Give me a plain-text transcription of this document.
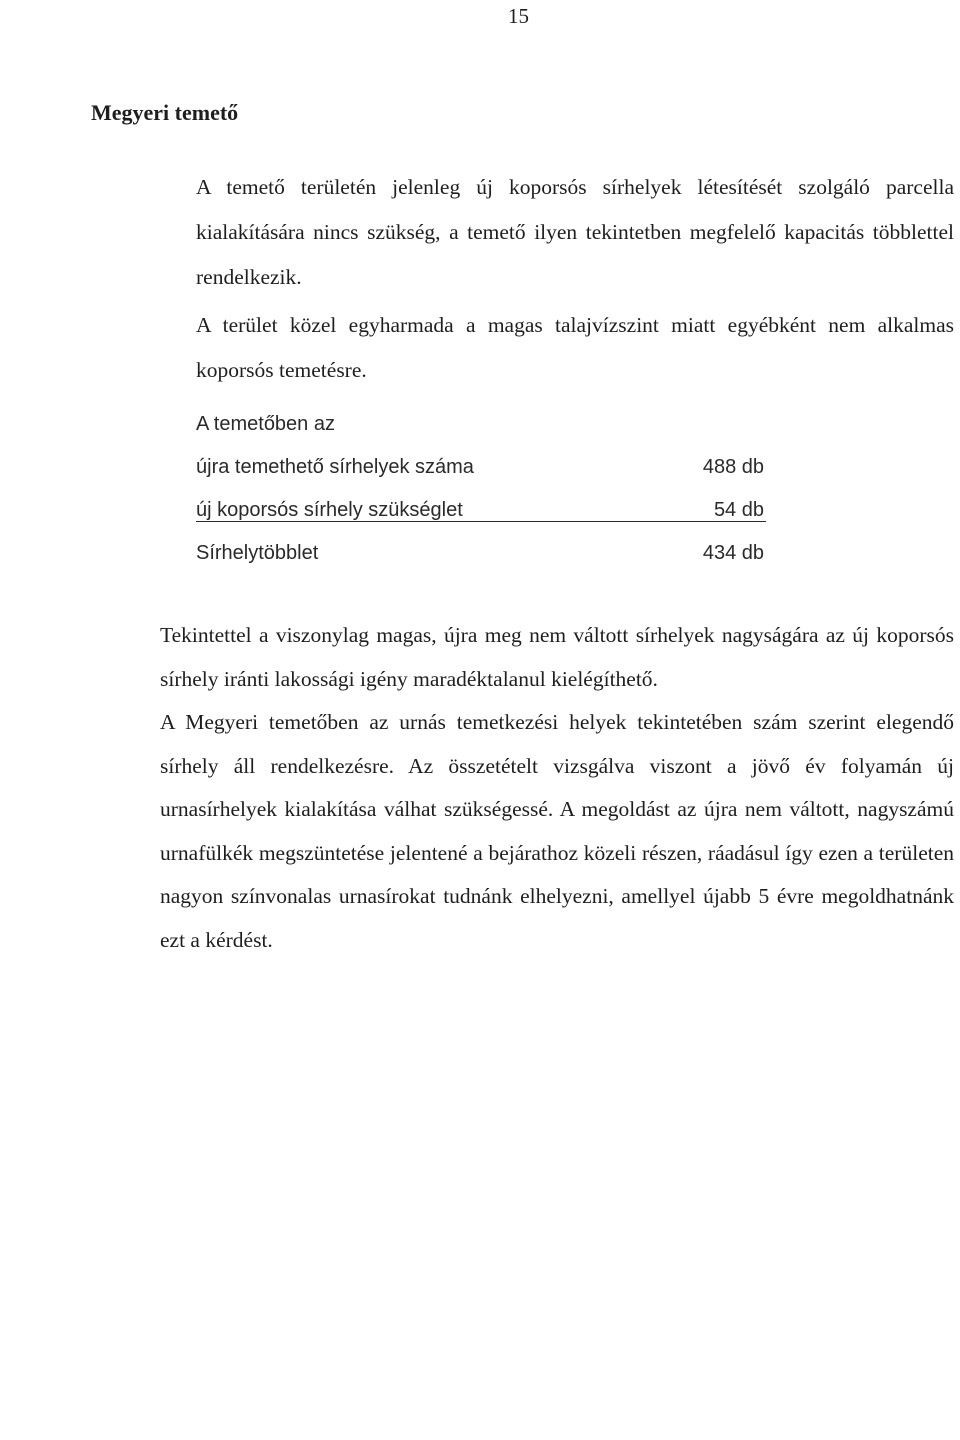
15
Megyeri temető

A temető területén jelenleg új koporsós sírhelyek létesítését szolgáló parcella kialakítására nincs szükség, a temető ilyen tekintetben megfelelő kapacitás többlettel rendelkezik.

A terület közel egyharmada a magas talajvízszint miatt egyébként nem alkalmas koporsós temetésre.

A temetőben az

újra temethető sírhelyek száma	488 db
új koporsós sírhely szükséglet	54 db
Sírhelytöbblet	434 db

Tekintettel a viszonylag magas, újra meg nem váltott sírhelyek nagyságára az új koporsós sírhely iránti lakossági igény maradéktalanul kielégíthető.

A Megyeri temetőben az urnás temetkezési helyek tekintetében szám szerint elegendő sírhely áll rendelkezésre. Az összetételt vizsgálva viszont a jövő év folyamán új urnasírhelyek kialakítása válhat szükségessé. A megoldást az újra nem váltott, nagyszámú urnafülkék megszüntetése jelentené a bejárathoz közeli részen, ráadásul így ezen a területen nagyon színvonalas urnasírokat tudnánk elhelyezni, amellyel újabb 5 évre megoldhatnánk ezt a kérdést.
